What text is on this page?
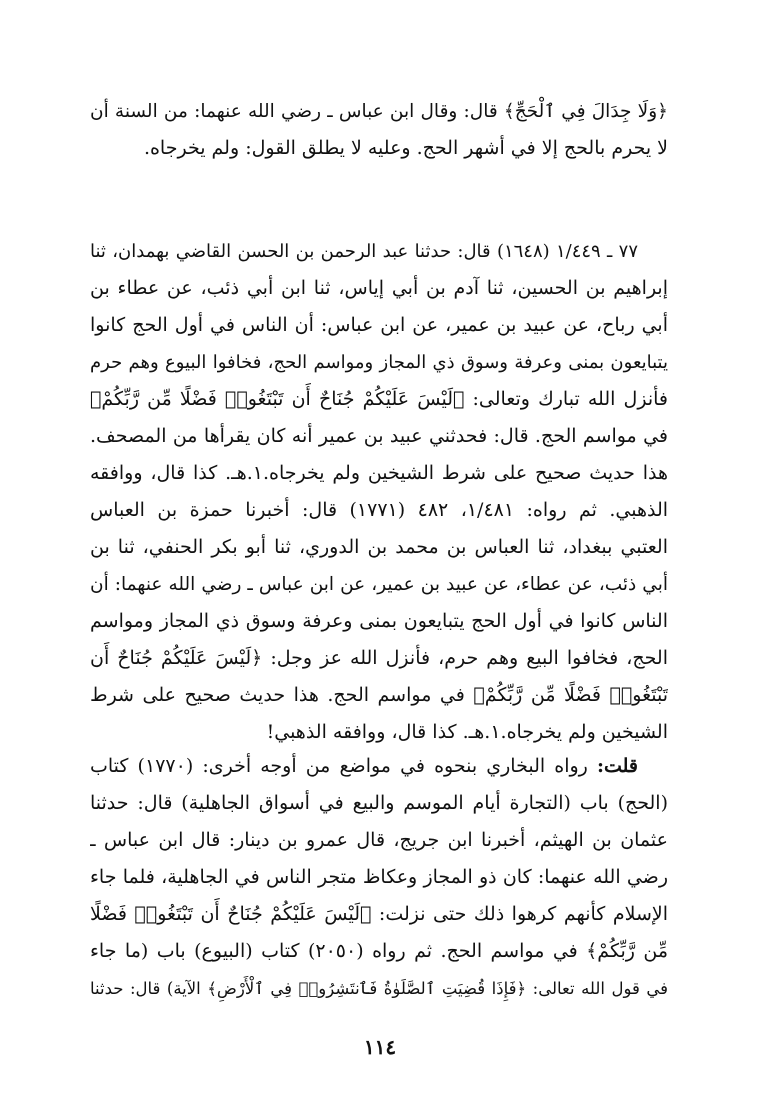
﴿وَلَا جِدَالَ فِي ٱلْحَجِّ﴾ قال: وقال ابن عباس ـ رضي الله عنهما: من السنة أن
لا يحرم بالحج إلا في أشهر الحج. وعليه لا يطلق القول: ولم يخرجاه.
٧٧ ـ ١/٤٤٩ (١٦٤٨) قال: حدثنا عبد الرحمن بن الحسن القاضي بهمدان، ثنا
إبراهيم بن الحسين، ثنا آدم بن أبي إياس، ثنا ابن أبي ذئب، عن عطاء بن
أبي رباح، عن عبيد بن عمير، عن ابن عباس: أن الناس في أول الحج كانوا
يتبايعون بمنى وعرفة وسوق ذي المجاز ومواسم الحج، فخافوا البيوع وهم حرم
فأنزل الله تبارك وتعالى: ﴿لَيْسَ عَلَيْكُمْ جُنَاحٌ أَن تَبْتَغُوا۟ فَضْلًا مِّن رَّبِّكُمْ﴾
في مواسم الحج. قال: فحدثني عبيد بن عمير أنه كان يقرأها من المصحف.
هذا حديث صحيح على شرط الشيخين ولم يخرجاه.١.هـ. كذا قال، ووافقه
الذهبي. ثم رواه: ١/٤٨١، ٤٨٢ (١٧٧١) قال: أخبرنا حمزة بن العباس
العتبي ببغداد، ثنا العباس بن محمد بن الدوري، ثنا أبو بكر الحنفي، ثنا بن
أبي ذئب، عن عطاء، عن عبيد بن عمير، عن ابن عباس ـ رضي الله عنهما: أن
الناس كانوا في أول الحج يتبايعون بمنى وعرفة وسوق ذي المجاز ومواسم
الحج، فخافوا البيع وهم حرم، فأنزل الله عز وجل: ﴿لَيْسَ عَلَيْكُمْ جُنَاحٌ أَن
تَبْتَغُوا۟ فَضْلًا مِّن رَّبِّكُمْ﴾ في مواسم الحج. هذا حديث صحيح على شرط
الشيخين ولم يخرجاه.١.هـ. كذا قال، ووافقه الذهبي!
قلت: رواه البخاري بنحوه في مواضع من أوجه أخرى: (١٧٧٠) كتاب
(الحج) باب (التجارة أيام الموسم والبيع في أسواق الجاهلية) قال: حدثنا
عثمان بن الهيثم، أخبرنا ابن جريج، قال عمرو بن دينار: قال ابن عباس ـ
رضي الله عنهما: كان ذو المجاز وعكاظ متجر الناس في الجاهلية، فلما جاء
الإسلام كأنهم كرهوا ذلك حتى نزلت: ﴿لَيْسَ عَلَيْكُمْ جُنَاحٌ أَن تَبْتَغُوا۟ فَضْلًا
مِّن رَّبِّكُمْ﴾ في مواسم الحج. ثم رواه (٢٠٥٠) كتاب (البيوع) باب (ما جاء
في قول الله تعالى: ﴿فَإِذَا قُضِيَتِ ٱلصَّلَوٰةُ فَٱنتَشِرُوا۟ فِي ٱلْأَرْضِ﴾ الآية) قال: حدثنا
١١٤
